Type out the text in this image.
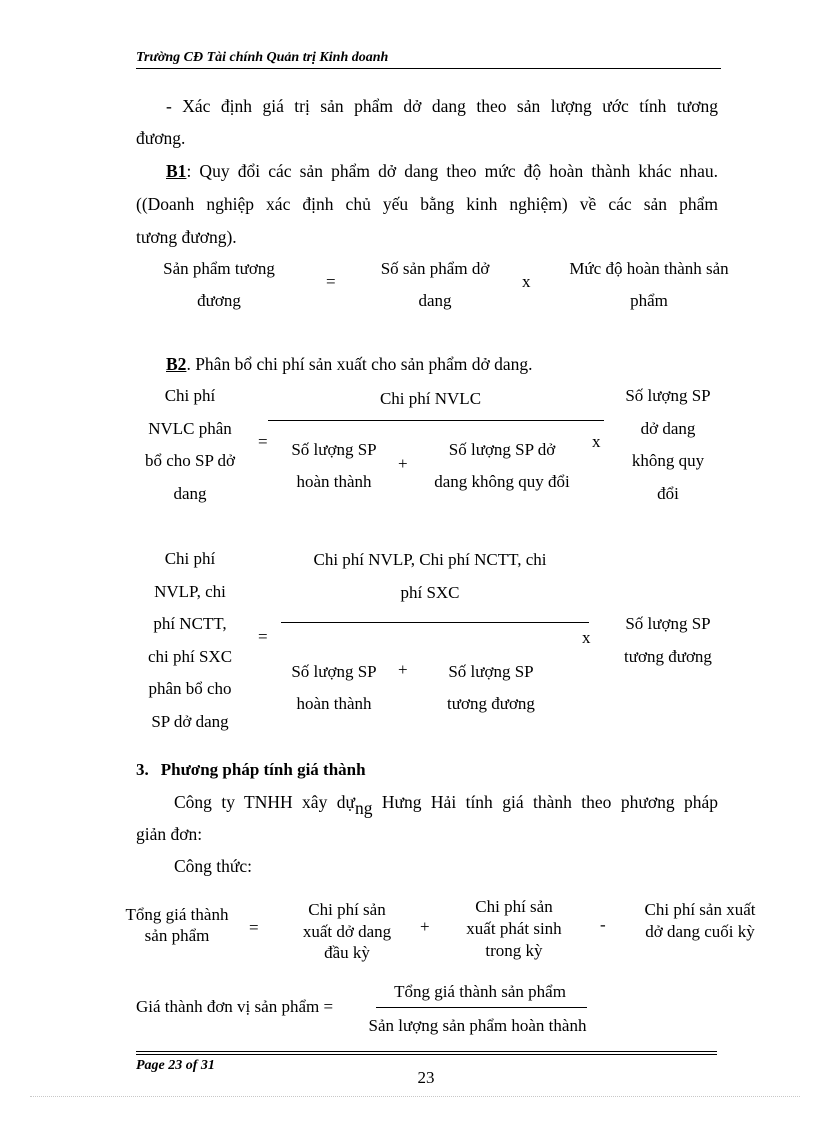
Trường CĐ Tài chính Quản trị Kinh doanh
- Xác định giá trị sản phẩm dở dang theo sản lượng ước tính tương
đương.
B1: Quy đổi các sản phẩm dở dang theo mức độ hoàn thành khác nhau.
((Doanh nghiệp xác định chủ yếu bằng kinh nghiệm) về các sản phẩm
tương đương).
Sản phẩm tương
đương
=
Số sản phẩm dở
dang
x
Mức độ hoàn thành sản
phẩm
B2. Phân bổ chi phí sản xuất cho sản phẩm dở dang.
Chi phí
NVLC phân
bổ cho SP dở
dang
=
Chi phí NVLC
Số lượng SP
hoàn thành
+
Số lượng SP dở
dang không quy đổi
x
Số lượng SP
dở dang
không quy
đổi
Chi phí
NVLP, chi
phí NCTT,
chi phí SXC
phân bổ cho
SP dở dang
=
Chi phí NVLP, Chi phí NCTT, chi
phí SXC
Số lượng SP
hoàn thành
+	Số lượng SP
tương đương
x
Số lượng SP
tương đương
3. Phương pháp tính giá thành
Công ty TNHH xây dựng Hưng Hải tính giá thành theo phương pháp
giản đơn:
Công thức:
Tổng giá thành
sản phẩm	=
Chi phí sản
xuất dở dang
đầu kỳ
+
Chi phí sản
xuất phát sinh
trong kỳ
-
Chi phí sản xuất
dở dang cuối kỳ
Giá thành đơn vị sản phẩm =
Tổng giá thành sản phẩm
Sản lượng sản phẩm hoàn thành
Page 23 of 31
23
